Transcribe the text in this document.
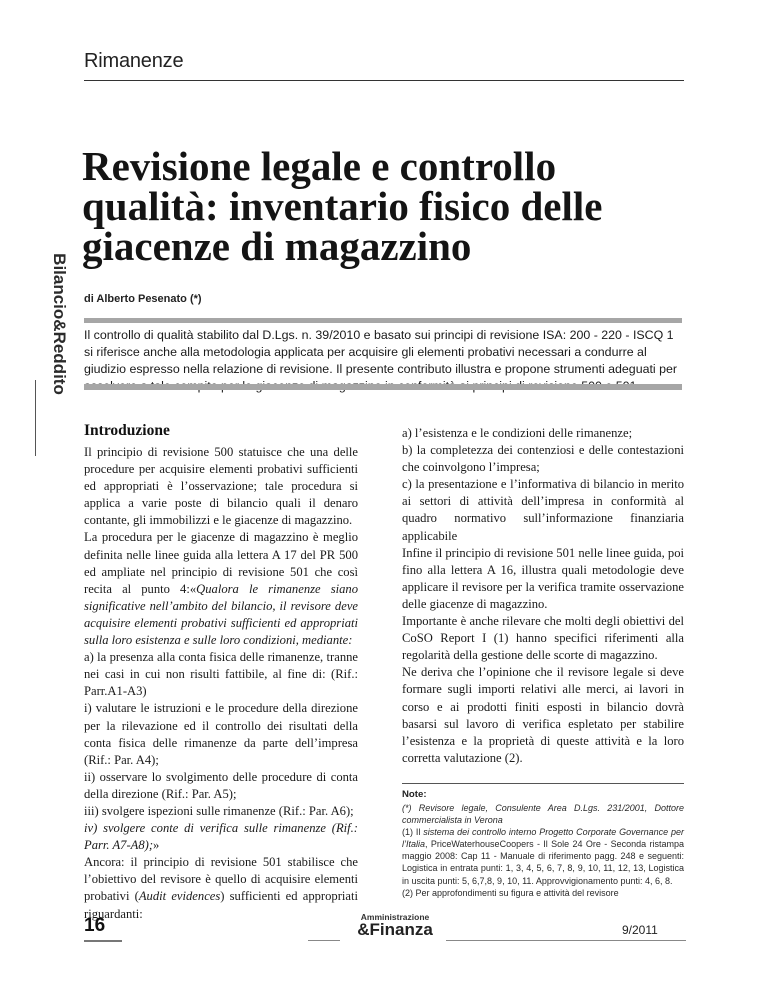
Rimanenze
Revisione legale e controllo qualità: inventario fisico delle giacenze di magazzino
di Alberto Pesenato (*)
Bilancio&Reddito Il controllo di qualità stabilito dal D.Lgs. n. 39/2010 e basato sui principi di revisione ISA: 200 - 220 - ISCQ 1 si riferisce anche alla metodologia applicata per acquisire gli elementi probativi necessari a condurre al giudizio espresso nella relazione di revisione. Il presente contributo illustra e propone strumenti adeguati per

Introduzione

Il principio di revisione 500 statuisce che una delle procedure per acquisire elementi probativi sufficienti ed appropriati è l’osservazione; tale procedura si applica a varie poste di bilancio quali il denaro contante, gli immobilizzi e le giacenze di magazzino.

La procedura per le giacenze di magazzino è meglio definita nelle linee guida alla lettera A 17 del PR 500 ed ampliate nel principio di revisione 501 che così recita al punto 4:«Qualora le rimanenze siano significative nell’ambito del bilancio, il revisore deve acquisire elementi probativi sufficienti ed appropriati sulla loro esistenza e sulle loro condizioni, mediante:

a) la presenza alla conta fisica delle rimanenze, tranne nei casi in cui non risulti fattibile, al fine di: (Rif.: Parr.A1-A3)

i) valutare le istruzioni e le procedure della direzione per la rilevazione ed il controllo dei risultati della conta fisica delle rimanenze da parte dell’impresa (Rif.: Par. A4);

ii) osservare lo svolgimento delle procedure di conta della direzione (Rif.: Par. A5);

iii) svolgere ispezioni sulle rimanenze (Rif.: Par. A6);

iv) svolgere conte di verifica sulle rimanenze (Rif.: Parr. A7-A8);»

Ancora: il principio di revisione 501 stabilisce che l’obiettivo del revisore è quello di acquisire elementi probativi (Audit evidences) sufficienti ed appropriati riguardanti:

a) l’esistenza e le condizioni delle rimanenze;

b) la completezza dei contenziosi e delle contestazioni che coinvolgono l’impresa;

c) la presentazione e l’informativa di bilancio in merito ai settori di attività dell’impresa in conformità al quadro normativo sull’informazione finanziaria applicabile

Infine il principio di revisione 501 nelle linee guida, poi fino alla lettera A 16, illustra quali metodologie deve applicare il revisore per la verifica tramite osservazione delle giacenze di magazzino.

Importante è anche rilevare che molti degli obiettivi del CoSO Report I (1) hanno specifici riferimenti alla regolarità della gestione delle scorte di magazzino.

Ne deriva che l’opinione che il revisore legale si deve formare sugli importi relativi alle merci, ai lavori in corso e ai prodotti finiti esposti in bilancio dovrà basarsi sul lavoro di verifica espletato per stabilire l’esistenza e la proprietà di queste attività e la loro corretta valutazione (2).

Note:
(*) Revisore legale, Consulente Area D.Lgs. 231/2001, Dottore commercialista in Verona
(1) Il sistema dei controllo interno Progetto Corporate Governance per l’Italia, PriceWaterhouseCoopers - Il Sole 24 Ore - Seconda ristampa maggio 2008: Cap 11 - Manuale di riferimento pagg. 248 e seguenti: Logistica in entrata punti: 1, 3, 4, 5, 6, 7, 8, 9, 10, 11, 12, 13, Logistica in uscita punti: 5, 6,7,8, 9, 10, 11. Approvvigionamento punti: 4, 6, 8.
(2) Per approfondimenti su figura e attività del revisore
16	Amministrazione
&Finanza	9/2011
